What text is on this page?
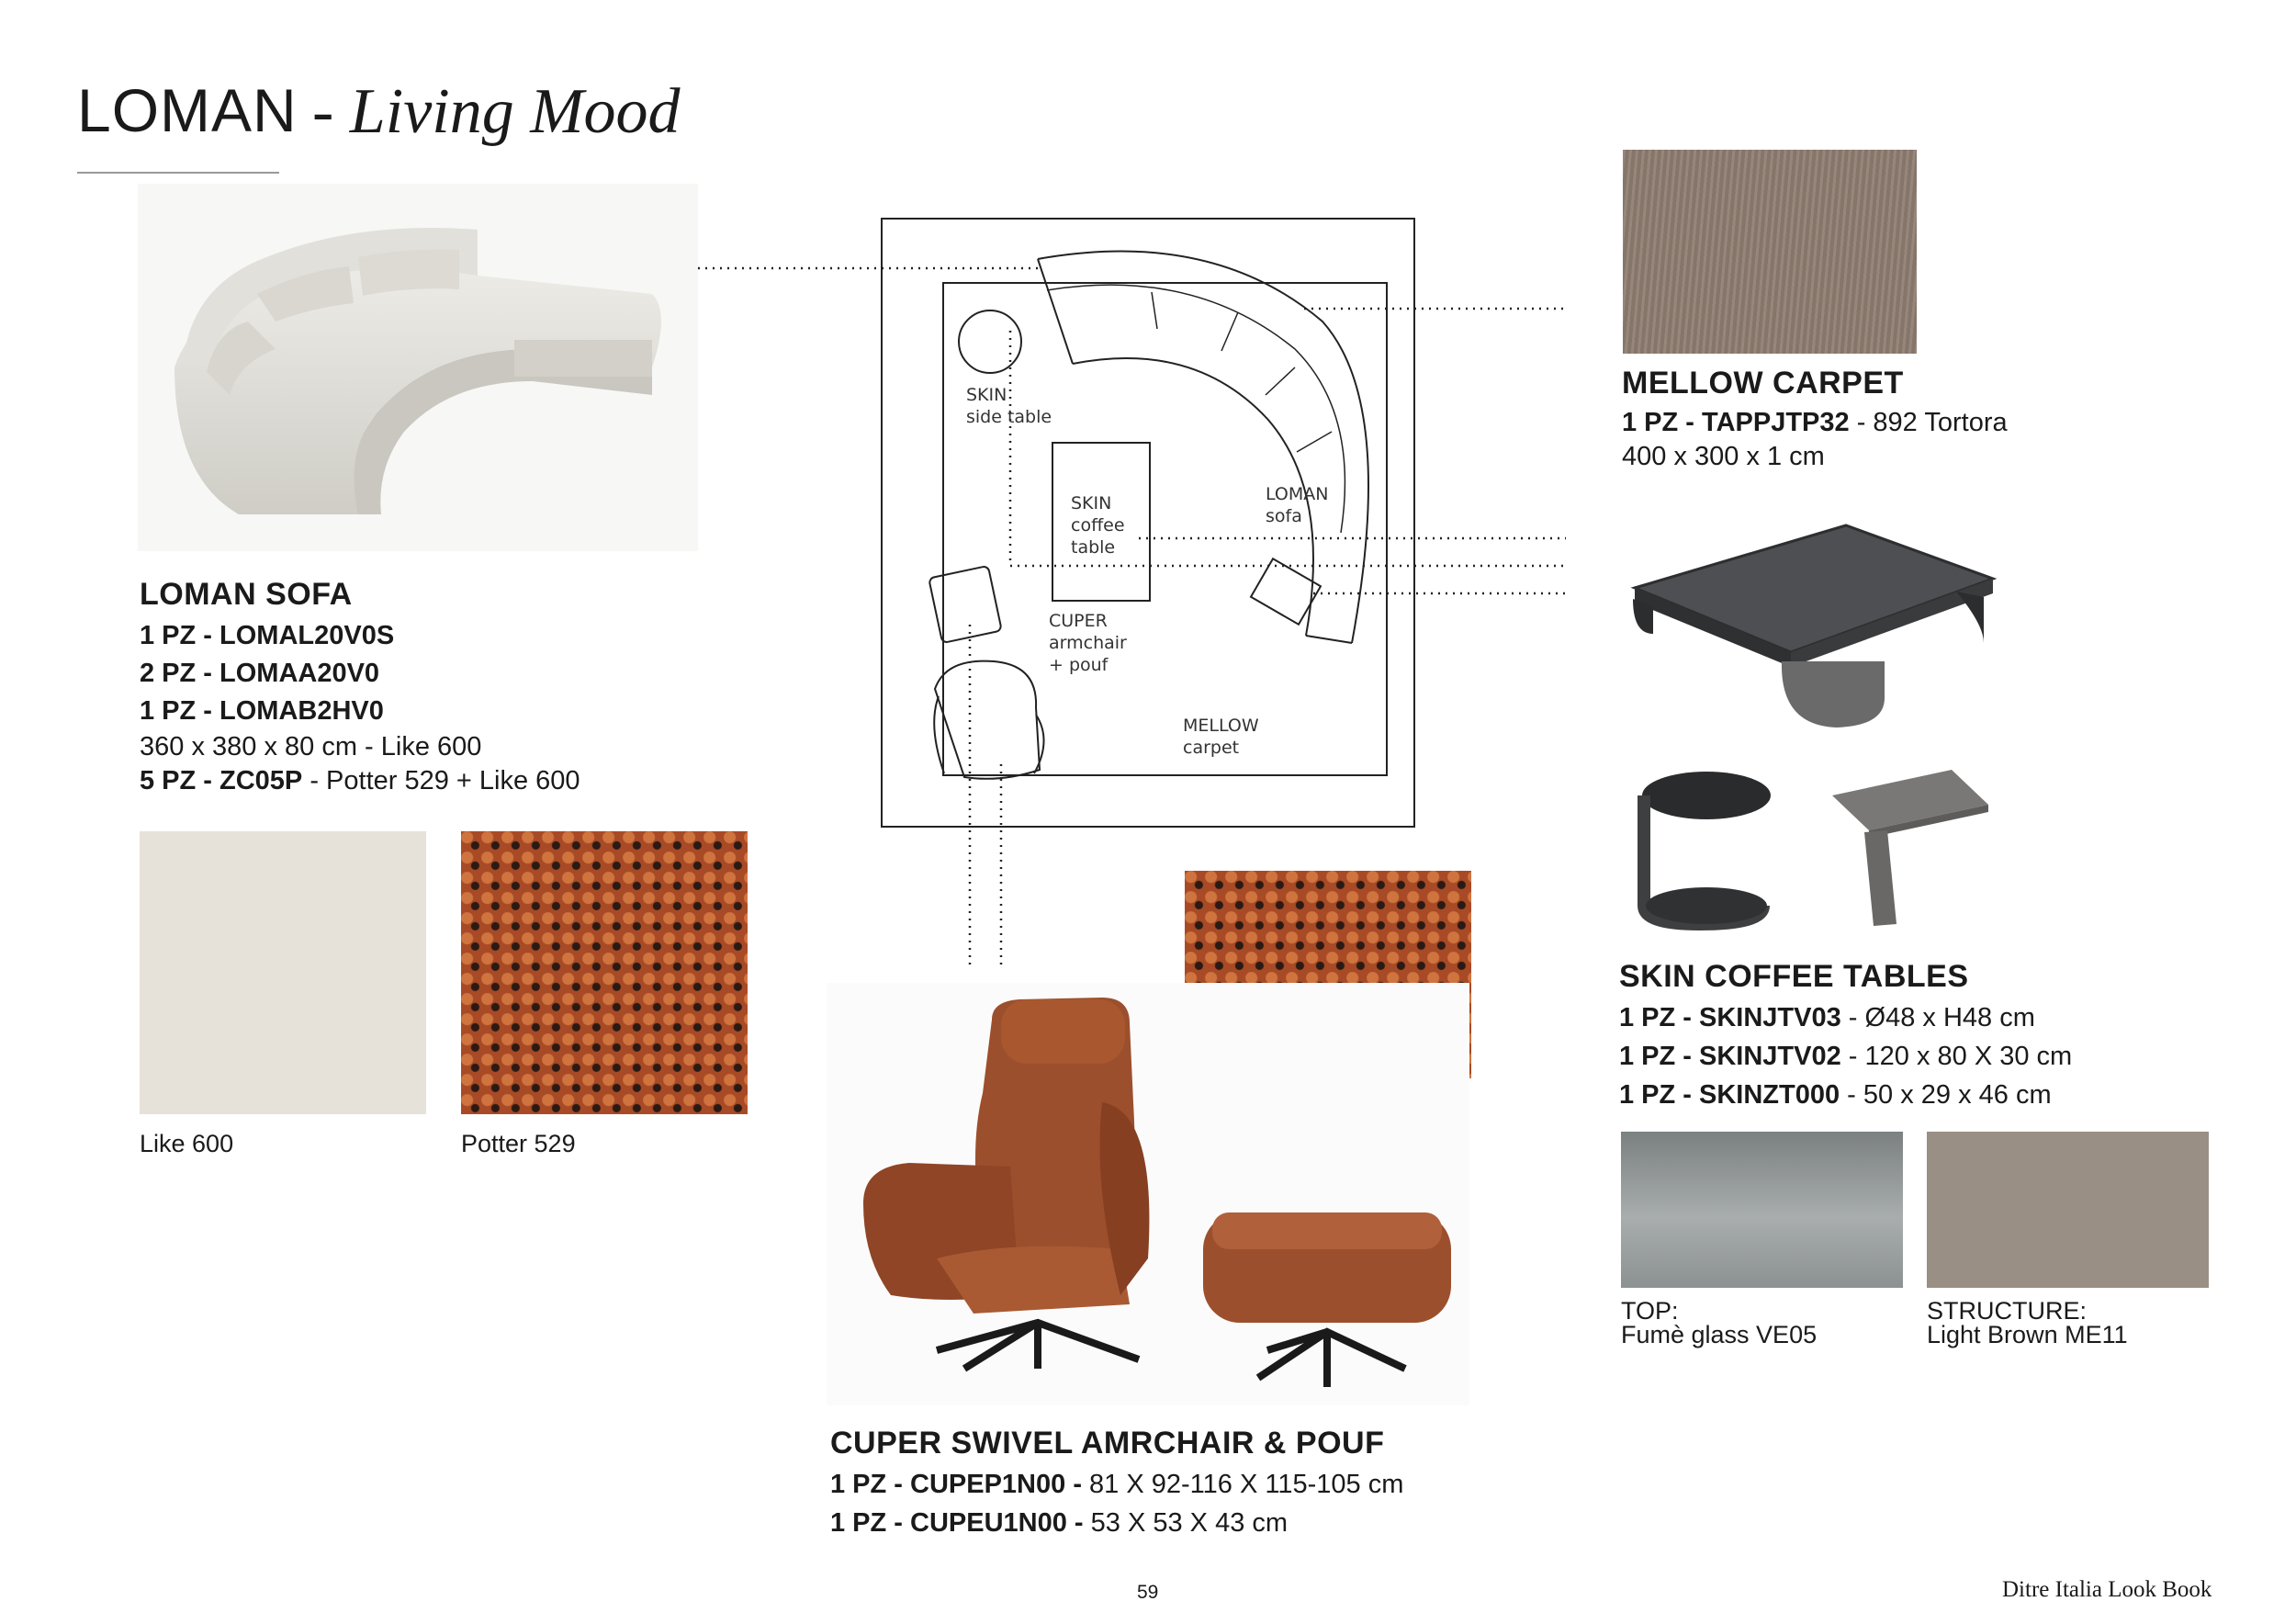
LOMAN - Living Mood
LOMAN SOFA
1 PZ - LOMAL20V0S
2 PZ - LOMAA20V0
1 PZ - LOMAB2HV0
360 x 380 x 80 cm - Like 600
5 PZ - ZC05P - Potter 529 + Like 600
Like 600	Potter 529
SKIN
side table
SKIN
coffee
table
LOMAN
sofa
CUPER
armchair
+ pouf
MELLOW
carpet
MELLOW CARPET
1 PZ - TAPPJTP32 - 892 Tortora
400 x 300 x 1 cm
SKIN COFFEE TABLES
1 PZ - SKINJTV03 - Ø48 x H48 cm
1 PZ - SKINJTV02 - 120 x 80 X 30 cm
1 PZ - SKINZT000 - 50 x 29 x 46 cm
TOP:
Fumè glass VE05
STRUCTURE:
Light Brown ME11
CUPER SWIVEL AMRCHAIR & POUF
1 PZ - CUPEP1N00 - 81 X 92-116 X 115-105 cm
1 PZ - CUPEU1N00 - 53 X 53 X 43 cm
59	Ditre Italia Look Book
